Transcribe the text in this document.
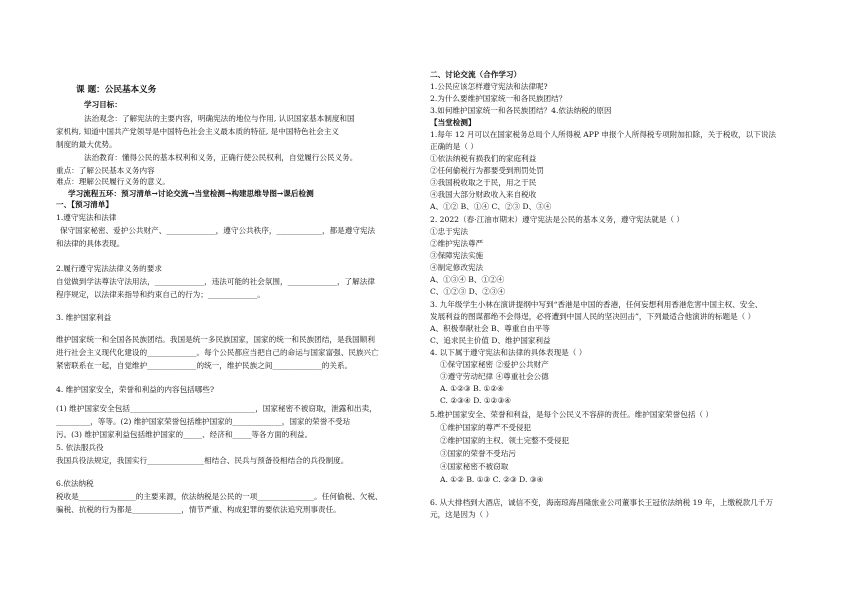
课 题：公民基本义务
学习目标：
法治观念：了解宪法的主要内容，明确宪法的地位与作用, 认识国家基本制度和国
家机构, 知道中国共产党领导是中国特色社会主义最本质的特征, 是中国特色社会主义
制度的最大优势。
法治教育：懂得公民的基本权利和义务，正确行使公民权利，自觉履行公民义务。
重点：了解公民基本义务内容
难点：理解公民履行义务的意义。
学习流程五环：预习清单→讨论交流→当堂检测→构建思维导图→课后检测
一、【预习清单】
1.遵守宪法和法律
保守国家秘密、爱护公共财产、_____________，遵守公共秩序，____________，都是遵守宪法
和法律的具体表现。
2.履行遵守宪法法律义务的要求
自觉做到学法尊法守法用法，_____________，违法可能的社会氛围，_____________，了解法律
程序规定，以法律来指导和约束自己的行为；_____________。
3. 维护国家利益
维护国家统一和全国各民族团结。我国是统一多民族国家，国家的统一和民族团结，是我国顺利
进行社会主义现代化建设的_____________。每个公民都应当把自己的命运与国家富强、民族兴亡
紧密联系在一起，自觉维护_____________的统一，维护民族之间_____________的关系。
4. 维护国家安全，荣誉和利益的内容包括哪些?
(1) 维护国家安全包括_________________________________，国家秘密不被窃取，泄露和出卖，
_________，等等。(2) 维护国家荣誉包括维护国家的_____________，国家的荣誉不受玷
污。(3) 维护国家利益包括维护国家的_____、经济和_____等各方面的利益。
5. 依法服兵役
我国兵役法规定，我国实行_______________相结合、民兵与预备役相结合的兵役制度。
6.依法纳税
税收是_______________的主要来源，依法纳税是公民的一项_______________。任何偷税、欠税、
骗税、抗税的行为都是_____________，情节严重、构成犯罪的要依法追究刑事责任。
二、讨论交流（合作学习）
1.公民应该怎样遵守宪法和法律呢?
2.为什么要维护国家统一和各民族团结？
3.如何维护国家统一和各民族团结？4.依法纳税的原因
【当堂检测】
1.每年 12 月可以在国家税务总局个人所得税 APP 申报个人所得税专项附加扣除，关于税收，以下说法
正确的是（ ）
①依法纳税有损我们的家庭利益
②任何偷税行为都要受到刑罚处罚
③我国税收取之于民，用之于民
④我国大部分财政收入来自税收
A、①② B、①④ C、②③ D、③④
2. 2022（春·江油市期末）遵守宪法是公民的基本义务，遵守宪法就是（ ）
①忠于宪法
②维护宪法尊严
③保障宪法实施
④制定修改宪法
A、①③④ B、①②④
C、①②③ D、②③④
3. 九年级学生小林在演讲提纲中写到“香港是中国的香港，任何妄想利用香港危害中国主权、安全、
发展利益的图谋都绝不会得逞，必将遭到中国人民的坚决回击”，下列最适合他演讲的标题是（ ）
A、积极奉献社会 B、尊重自由平等
C、追求民主价值 D、维护国家利益
4. 以下属于遵守宪法和法律的具体表现是（ ）
①保守国家秘密 ②爱护公共财产
③遵守劳动纪律 ④尊重社会公德
A. ①②③ B. ①②④
C. ②③④ D. ①②③④
5.维护国家安全、荣誉和利益，是每个公民义不容辞的责任。维护国家荣誉包括（ ）
①维护国家的尊严不受侵犯
②维护国家的主权、领土完整不受侵犯
③国家的荣誉不受玷污
④国家秘密不被窃取
A. ①② B. ①③ C. ②③ D. ③④
6. 从大排档到大酒店，诚信不变，海南琼海昌隆旅业公司董事长王冠依法纳税 19 年，上缴税款几千万
元，这是因为（ ）
